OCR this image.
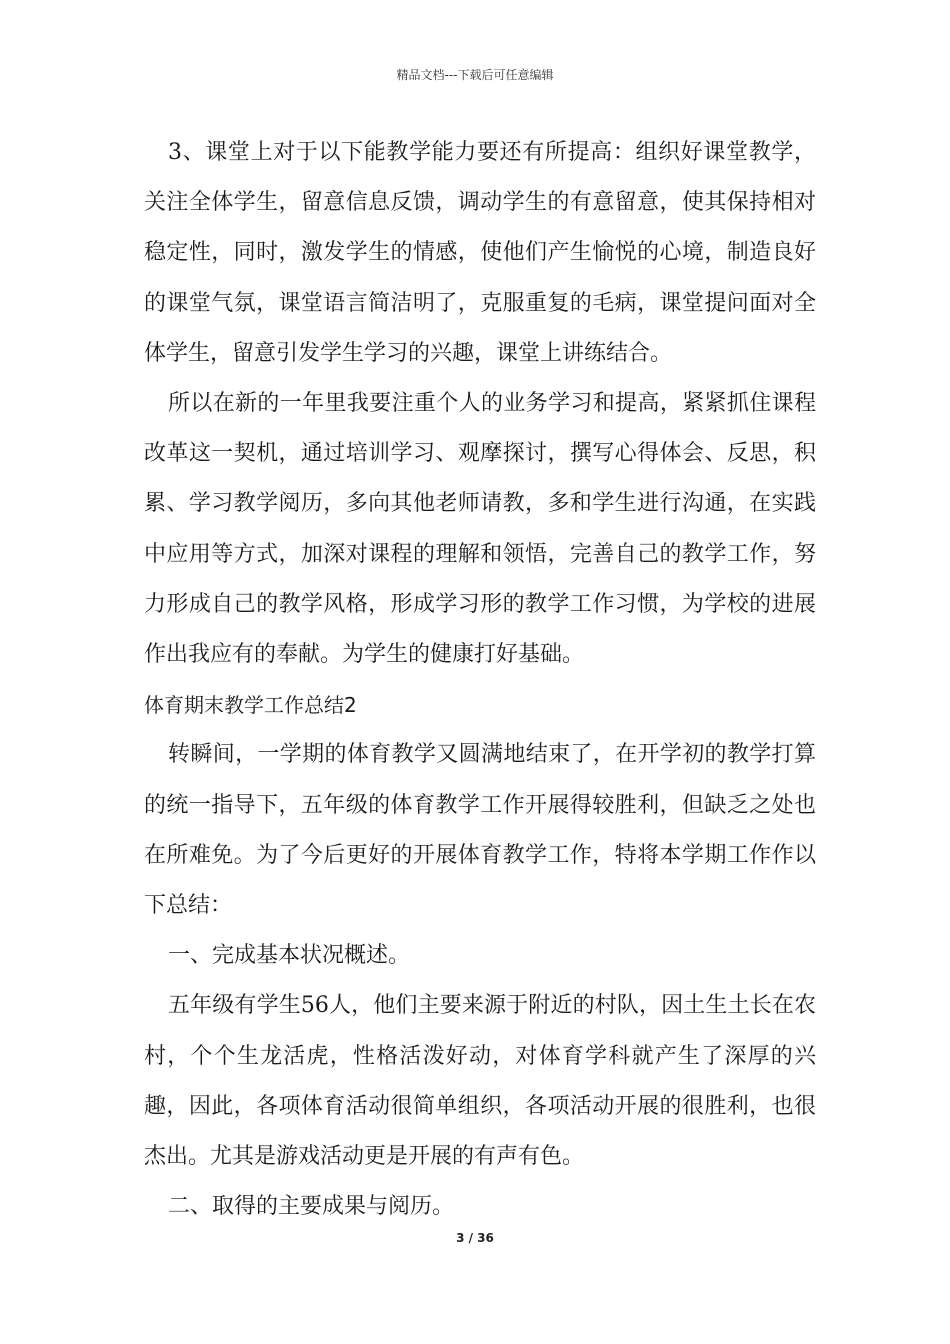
精品文档---下载后可任意编辑

3、课堂上对于以下能教学能力要还有所提高：组织好课堂教学，关注全体学生，留意信息反馈，调动学生的有意留意，使其保持相对稳定性，同时，激发学生的情感，使他们产生愉悦的心境，制造良好的课堂气氛，课堂语言简洁明了，克服重复的毛病，课堂提问面对全体学生，留意引发学生学习的兴趣，课堂上讲练结合。

所以在新的一年里我要注重个人的业务学习和提高，紧紧抓住课程改革这一契机，通过培训学习、观摩探讨，撰写心得体会、反思，积累、学习教学阅历，多向其他老师请教，多和学生进行沟通，在实践中应用等方式，加深对课程的理解和领悟，完善自己的教学工作，努力形成自己的教学风格，形成学习形的教学工作习惯，为学校的进展作出我应有的奉献。为学生的健康打好基础。

体育期末教学工作总结2

转瞬间，一学期的体育教学又圆满地结束了，在开学初的教学打算的统一指导下，五年级的体育教学工作开展得较胜利，但缺乏之处也在所难免。为了今后更好的开展体育教学工作，特将本学期工作作以下总结：

一、完成基本状况概述。

五年级有学生56人，他们主要来源于附近的村队，因土生土长在农村，个个生龙活虎，性格活泼好动，对体育学科就产生了深厚的兴趣，因此，各项体育活动很简单组织，各项活动开展的很胜利，也很杰出。尤其是游戏活动更是开展的有声有色。

二、取得的主要成果与阅历。

3 / 36
